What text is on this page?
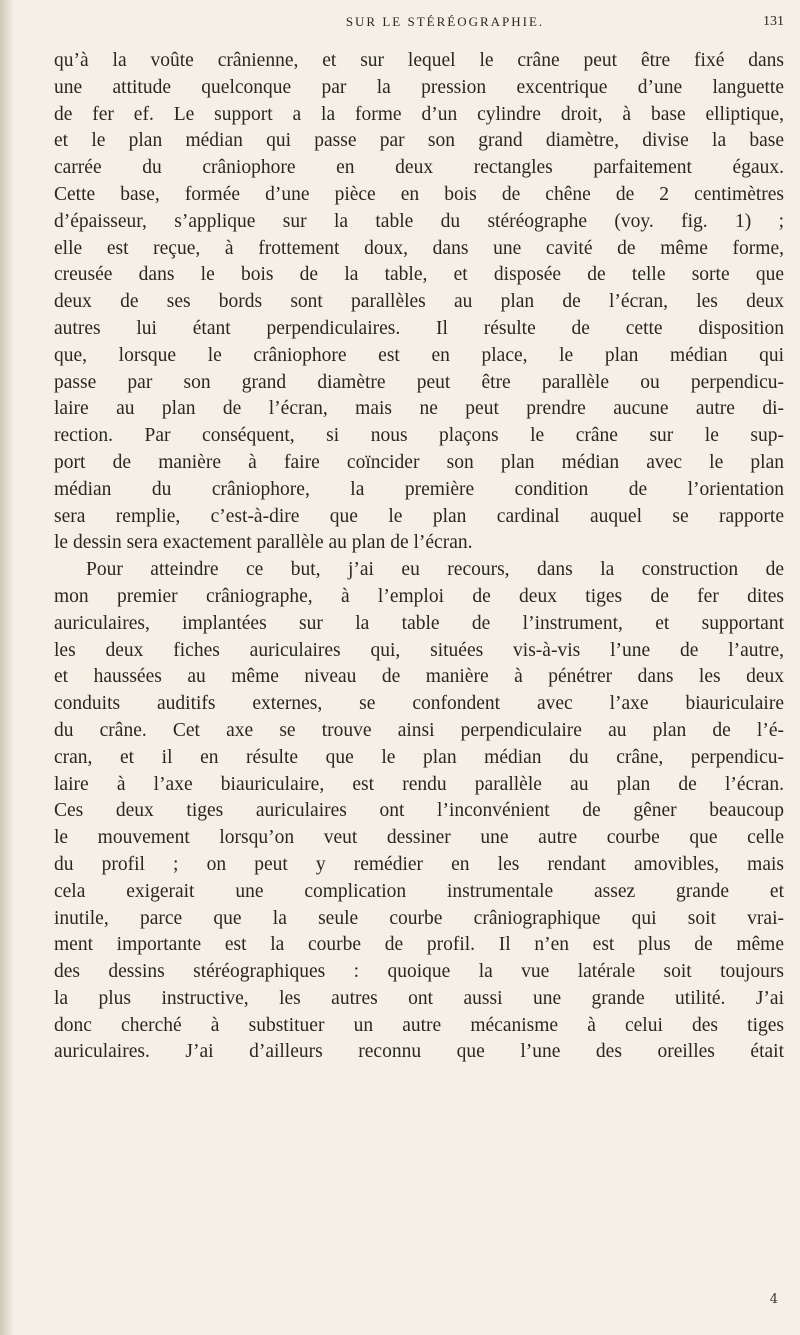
SUR LE STÉRÉOGRAPHIE.	131
qu’à la voûte crânienne, et sur lequel le crâne peut être fixé dans
une attitude quelconque par la pression excentrique d’une languette
de fer ef. Le support a la forme d’un cylindre droit, à base elliptique,
et le plan médian qui passe par son grand diamètre, divise la base
carrée du crâniophore en deux rectangles parfaitement égaux.
Cette base, formée d’une pièce en bois de chêne de 2 centimètres
d’épaisseur, s’applique sur la table du stéréographe (voy. fig. 1) ;
elle est reçue, à frottement doux, dans une cavité de même forme,
creusée dans le bois de la table, et disposée de telle sorte que
deux de ses bords sont parallèles au plan de l’écran, les deux
autres lui étant perpendiculaires. Il résulte de cette disposition
que, lorsque le crâniophore est en place, le plan médian qui
passe par son grand diamètre peut être parallèle ou perpendicu-
laire au plan de l’écran, mais ne peut prendre aucune autre di-
rection. Par conséquent, si nous plaçons le crâne sur le sup-
port de manière à faire coïncider son plan médian avec le plan
médian du crâniophore, la première condition de l’orientation
sera remplie, c’est-à-dire que le plan cardinal auquel se rapporte
le dessin sera exactement parallèle au plan de l’écran.
Pour atteindre ce but, j’ai eu recours, dans la construction de
mon premier crâniographe, à l’emploi de deux tiges de fer dites
auriculaires, implantées sur la table de l’instrument, et supportant
les deux fiches auriculaires qui, situées vis-à-vis l’une de l’autre,
et haussées au même niveau de manière à pénétrer dans les deux
conduits auditifs externes, se confondent avec l’axe biauriculaire
du crâne. Cet axe se trouve ainsi perpendiculaire au plan de l’é-
cran, et il en résulte que le plan médian du crâne, perpendicu-
laire à l’axe biauriculaire, est rendu parallèle au plan de l’écran.
Ces deux tiges auriculaires ont l’inconvénient de gêner beaucoup
le mouvement lorsqu’on veut dessiner une autre courbe que celle
du profil ; on peut y remédier en les rendant amovibles, mais
cela exigerait une complication instrumentale assez grande et
inutile, parce que la seule courbe crâniographique qui soit vrai-
ment importante est la courbe de profil. Il n’en est plus de même
des dessins stéréographiques : quoique la vue latérale soit toujours
la plus instructive, les autres ont aussi une grande utilité. J’ai
donc cherché à substituer un autre mécanisme à celui des tiges
auriculaires. J’ai d’ailleurs reconnu que l’une des oreilles était
4
